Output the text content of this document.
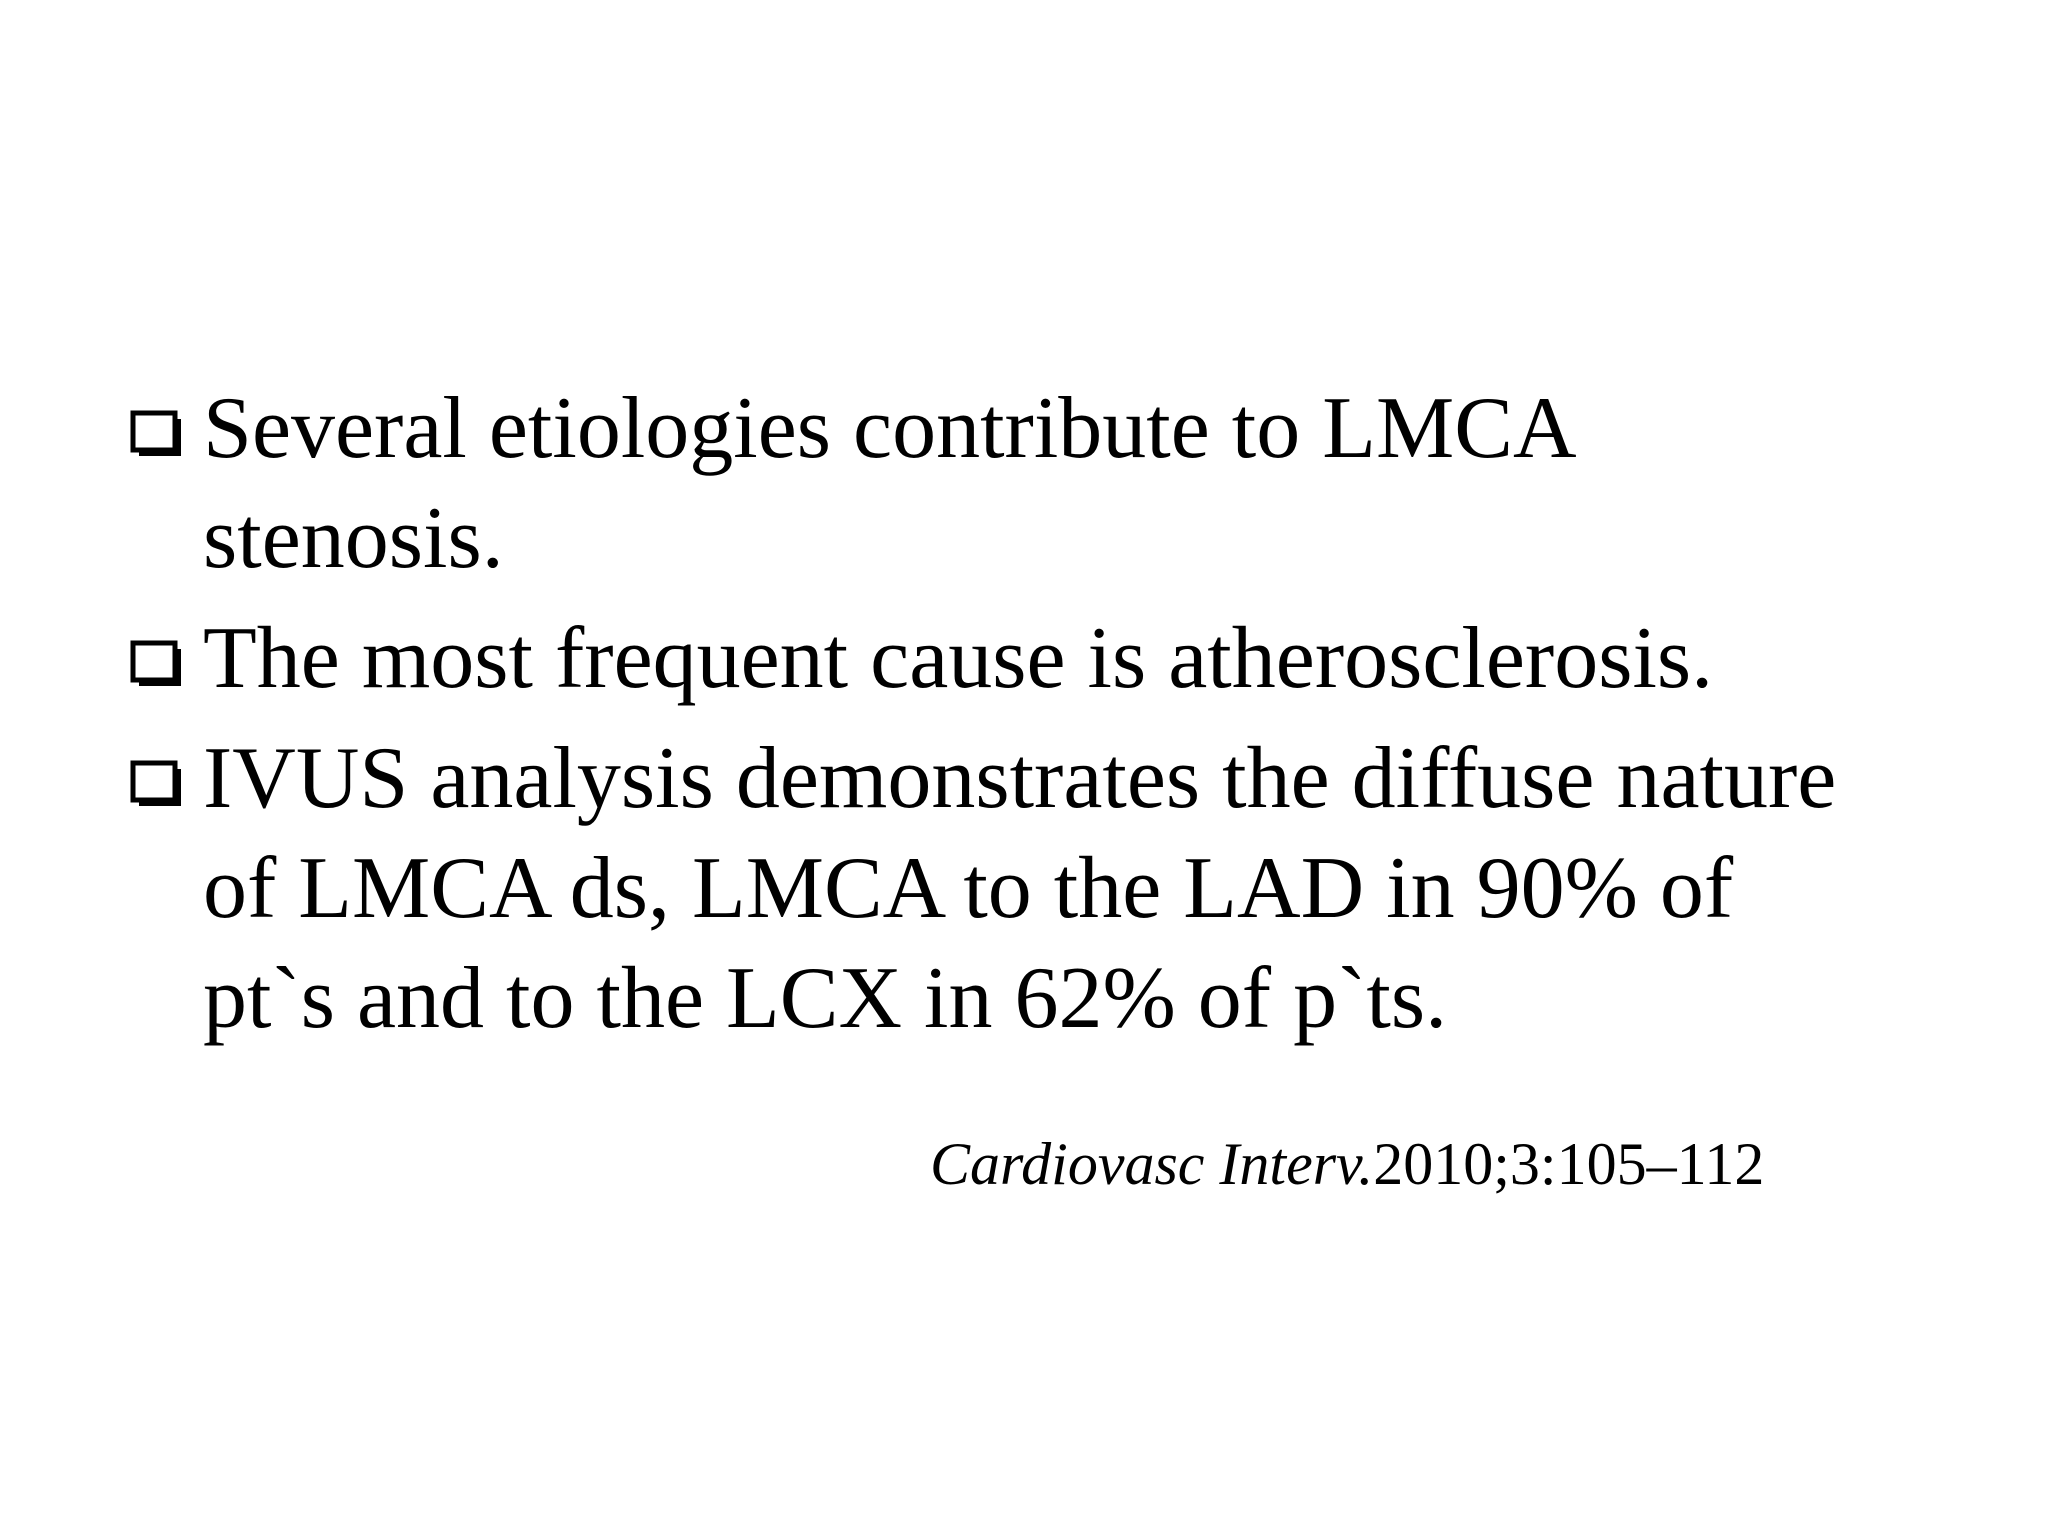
Several etiologies contribute to LMCA
stenosis.
The most frequent cause is atherosclerosis.
IVUS analysis demonstrates the diffuse nature
of LMCA ds, LMCA to the LAD in 90% of
pt`s and to the LCX in 62% of p`ts.
Cardiovasc Interv.2010;3:105–112
